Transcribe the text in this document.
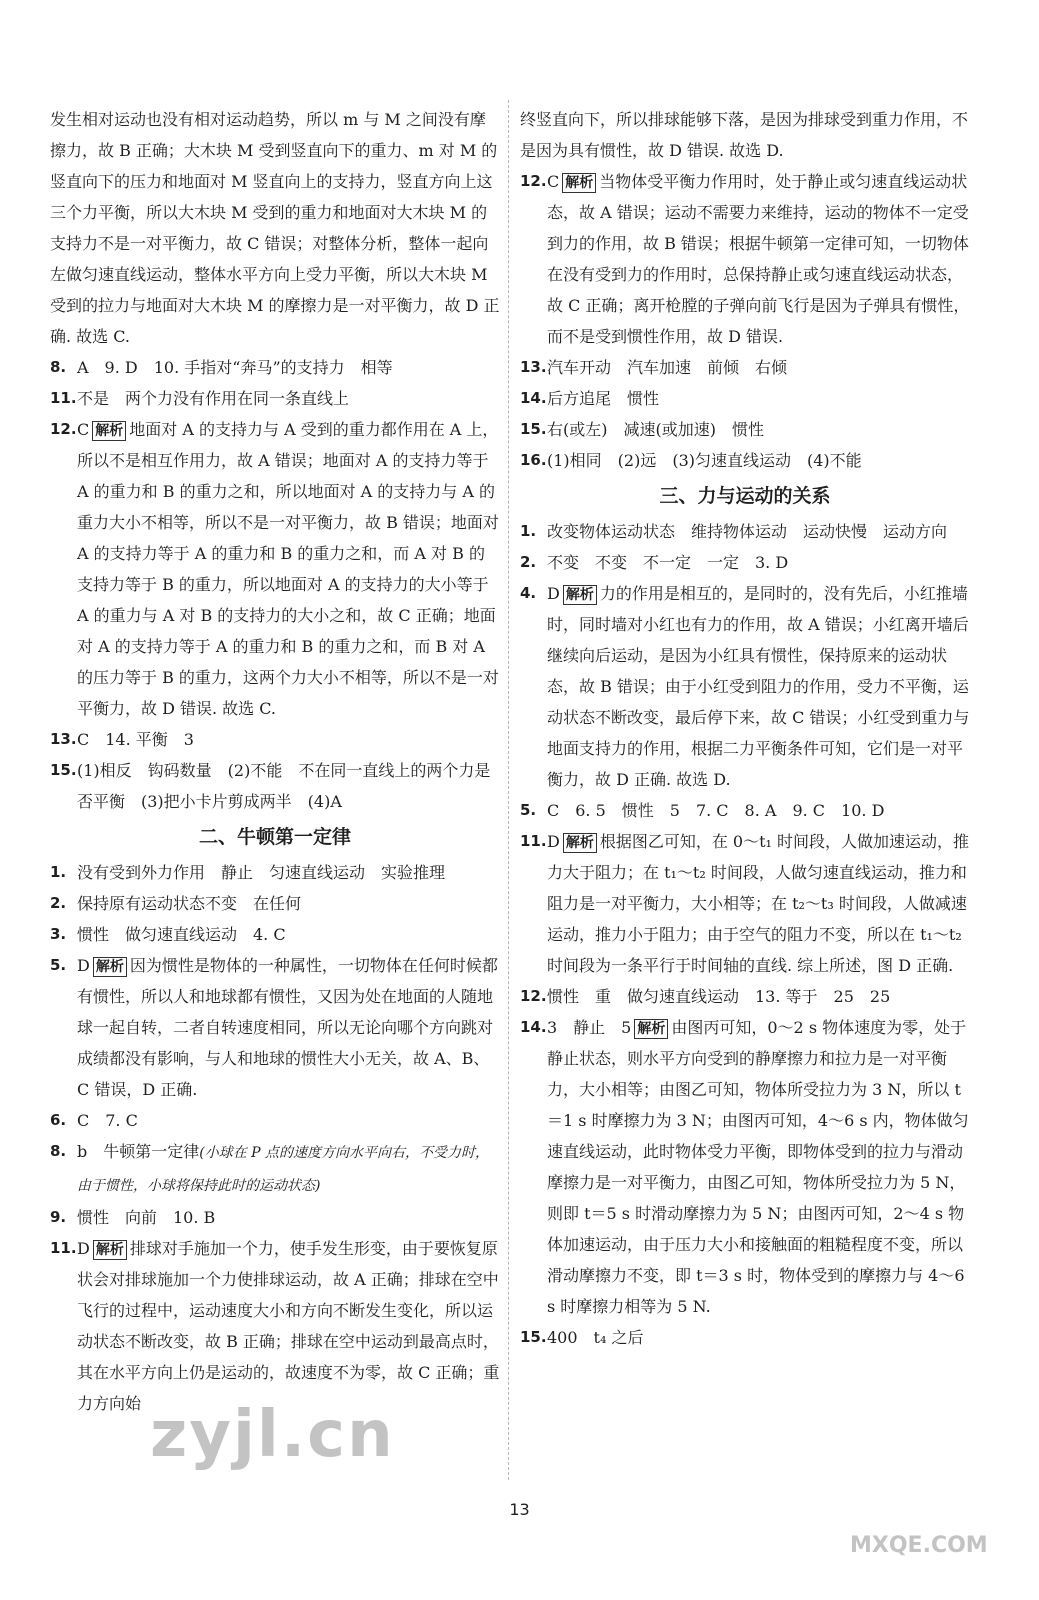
发生相对运动也没有相对运动趋势，所以 m 与 M 之间没有摩擦力，故 B 正确；大木块 M 受到竖直向下的重力、m 对 M 的竖直向下的压力和地面对 M 竖直向上的支持力，竖直方向上这三个力平衡，所以大木块 M 受到的重力和地面对大木块 M 的支持力不是一对平衡力，故 C 错误；对整体分析，整体一起向左做匀速直线运动，整体水平方向上受力平衡，所以大木块 M 受到的拉力与地面对大木块 M 的摩擦力是一对平衡力，故 D 正确. 故选 C.

8. A　9. D　10. 手指对“奔马”的支持力　相等
11. 不是　两个力没有作用在同一条直线上
12. C 解析 地面对 A 的支持力与 A 受到的重力都作用在 A 上，所以不是相互作用力，故 A 错误；地面对 A 的支持力等于 A 的重力和 B 的重力之和，所以地面对 A 的支持力与 A 的重力大小不相等，所以不是一对平衡力，故 B 错误；地面对 A 的支持力等于 A 的重力和 B 的重力之和，而 A 对 B 的支持力等于 B 的重力，所以地面对 A 的支持力的大小等于 A 的重力与 A 对 B 的支持力的大小之和，故 C 正确；地面对 A 的支持力等于 A 的重力和 B 的重力之和，而 B 对 A 的压力等于 B 的重力，这两个力大小不相等，所以不是一对平衡力，故 D 错误. 故选 C.
13. C　14. 平衡　3
15. (1)相反　钩码数量　(2)不能　不在同一直线上的两个力是否平衡　(3)把小卡片剪成两半　(4)A
二、牛顿第一定律
1. 没有受到外力作用　静止　匀速直线运动　实验推理
2. 保持原有运动状态不变　在任何
3. 惯性　做匀速直线运动　4. C
5. D 解析 因为惯性是物体的一种属性，一切物体在任何时候都有惯性，所以人和地球都有惯性，又因为处在地面的人随地球一起自转，二者自转速度相同，所以无论向哪个方向跳对成绩都没有影响，与人和地球的惯性大小无关，故 A、B、C 错误，D 正确.
6. C　7. C
8. b　牛顿第一定律(小球在 P 点的速度方向水平向右，不受力时，由于惯性，小球将保持此时的运动状态)
9. 惯性　向前　10. B
11. D 解析 排球对手施加一个力，使手发生形变，由于要恢复原状会对排球施加一个力使排球运动，故 A 正确；排球在空中飞行的过程中，运动速度大小和方向不断发生变化，所以运动状态不断改变，故 B 正确；排球在空中运动到最高点时，其在水平方向上仍是运动的，故速度不为零，故 C 正确；重力方向始

终竖直向下，所以排球能够下落，是因为排球受到重力作用，不是因为具有惯性，故 D 错误. 故选 D.

12. C 解析 当物体受平衡力作用时，处于静止或匀速直线运动状态，故 A 错误；运动不需要力来维持，运动的物体不一定受到力的作用，故 B 错误；根据牛顿第一定律可知，一切物体在没有受到力的作用时，总保持静止或匀速直线运动状态，故 C 正确；离开枪膛的子弹向前飞行是因为子弹具有惯性，而不是受到惯性作用，故 D 错误.
13. 汽车开动　汽车加速　前倾　右倾
14. 后方追尾　惯性
15. 右(或左)　减速(或加速)　惯性
16. (1)相同　(2)远　(3)匀速直线运动　(4)不能
三、力与运动的关系
1. 改变物体运动状态　维持物体运动　运动快慢　运动方向
2. 不变　不变　不一定　一定　3. D
4. D 解析 力的作用是相互的，是同时的，没有先后，小红推墙时，同时墙对小红也有力的作用，故 A 错误；小红离开墙后继续向后运动，是因为小红具有惯性，保持原来的运动状态，故 B 错误；由于小红受到阻力的作用，受力不平衡，运动状态不断改变，最后停下来，故 C 错误；小红受到重力与地面支持力的作用，根据二力平衡条件可知，它们是一对平衡力，故 D 正确. 故选 D.
5. C　6. 5　惯性　5　7. C　8. A　9. C　10. D
11. D 解析 根据图乙可知，在 0～t₁ 时间段，人做加速运动，推力大于阻力；在 t₁～t₂ 时间段，人做匀速直线运动，推力和阻力是一对平衡力，大小相等；在 t₂～t₃ 时间段，人做减速运动，推力小于阻力；由于空气的阻力不变，所以在 t₁～t₂ 时间段为一条平行于时间轴的直线. 综上所述，图 D 正确.
12. 惯性　重　做匀速直线运动　13. 等于　25　25
14. 3　静止　5 解析 由图丙可知，0～2 s 物体速度为零，处于静止状态，则水平方向受到的静摩擦力和拉力是一对平衡力，大小相等；由图乙可知，物体所受拉力为 3 N，所以 t＝1 s 时摩擦力为 3 N；由图丙可知，4～6 s 内，物体做匀速直线运动，此时物体受力平衡，即物体受到的拉力与滑动摩擦力是一对平衡力，由图乙可知，物体所受拉力为 5 N，则即 t＝5 s 时滑动摩擦力为 5 N；由图丙可知，2～4 s 物体加速运动，由于压力大小和接触面的粗糙程度不变，所以滑动摩擦力不变，即 t＝3 s 时，物体受到的摩擦力与 4～6 s 时摩擦力相等为 5 N.
15. 400　t₄ 之后
13
zyjl.cn
MXQE.COM
